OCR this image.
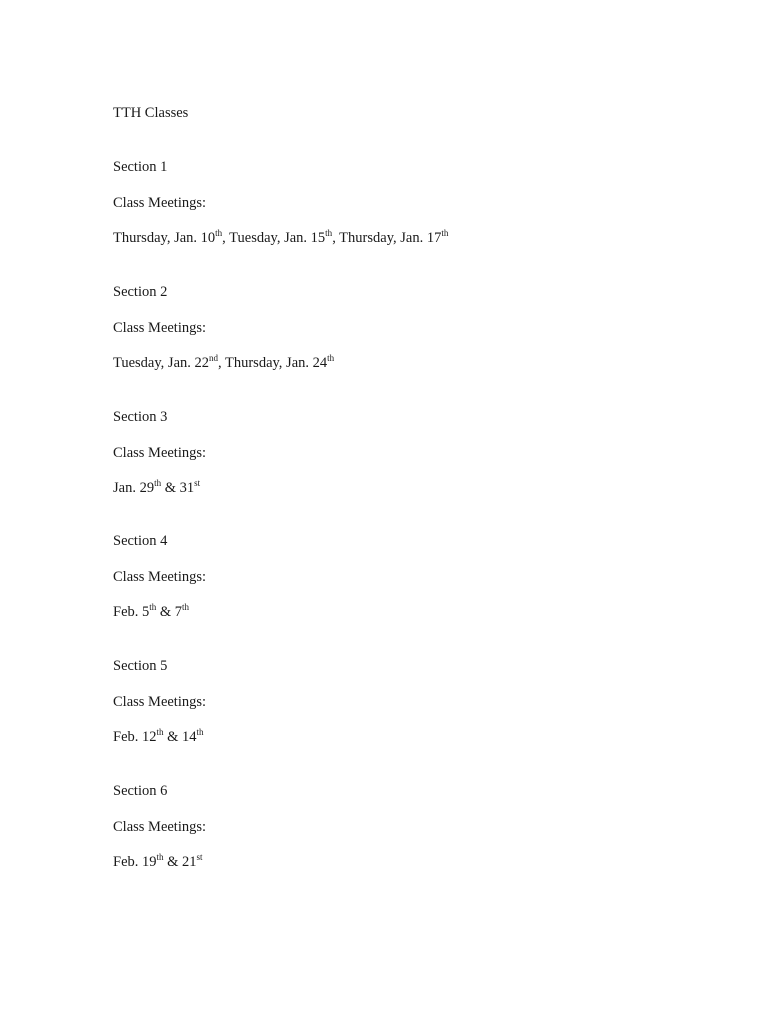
TTH Classes
Section 1
Class Meetings:
Thursday, Jan. 10th, Tuesday, Jan. 15th, Thursday, Jan. 17th
Section 2
Class Meetings:
Tuesday, Jan. 22nd, Thursday, Jan. 24th
Section 3
Class Meetings:
Jan. 29th & 31st
Section 4
Class Meetings:
Feb. 5th & 7th
Section 5
Class Meetings:
Feb. 12th & 14th
Section 6
Class Meetings:
Feb. 19th & 21st
